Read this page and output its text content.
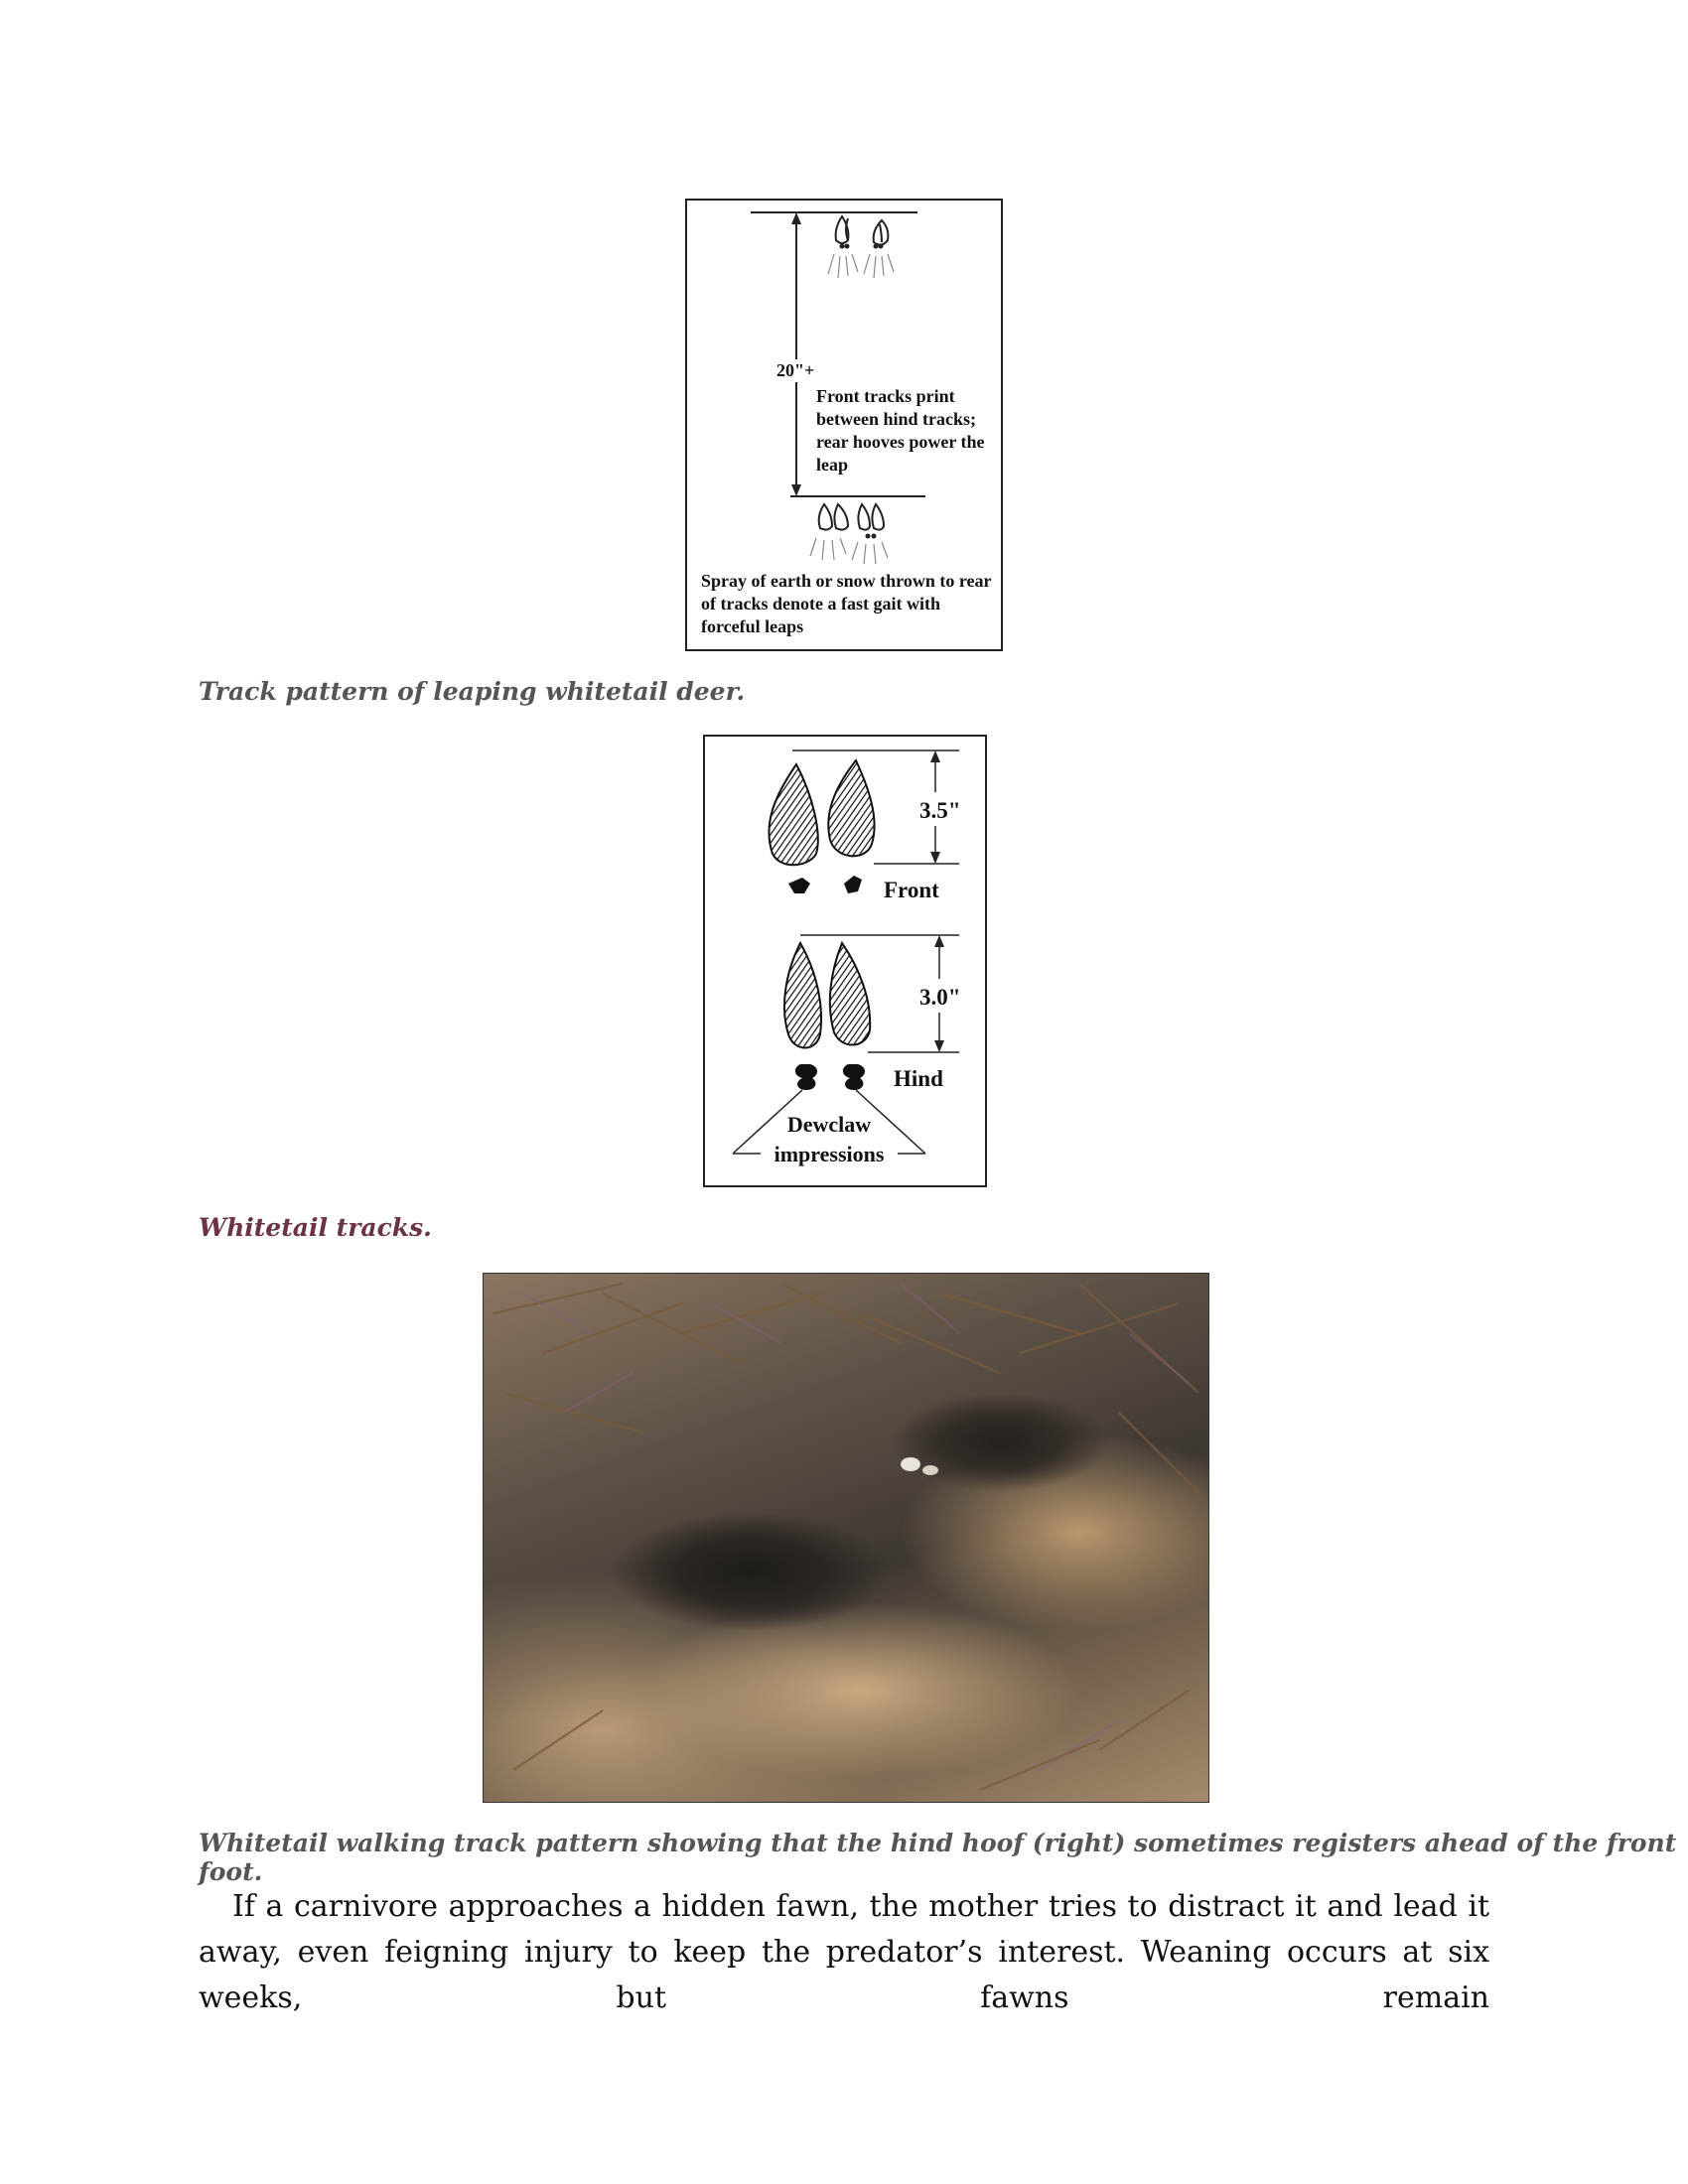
20"+
Front tracks print between hind tracks; rear hooves power the leap
Spray of earth or snow thrown to rear of tracks denote a fast gait with forceful leaps
Track pattern of leaping whitetail deer.
3.5"
Front
3.0"
Hind
Dewclaw
impressions
Whitetail tracks.
Whitetail walking track pattern showing that the hind hoof (right) sometimes registers ahead of the front foot.

If a carnivore approaches a hidden fawn, the mother tries to distract it and lead it away, even feigning injury to keep the predator’s interest. Weaning occurs at six weeks, but fawns remain
